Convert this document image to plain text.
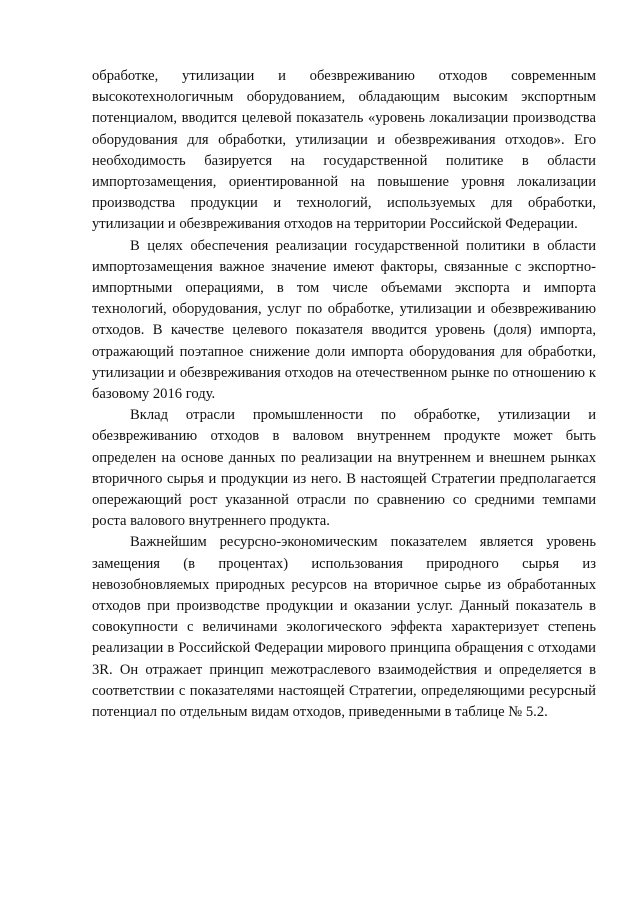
обработке, утилизации и обезвреживанию отходов современным высокотехнологичным оборудованием, обладающим высоким экспортным потенциалом, вводится целевой показатель «уровень локализации производства оборудования для обработки, утилизации и обезвреживания отходов». Его необходимость базируется на государственной политике в области импортозамещения, ориентированной на повышение уровня локализации производства продукции и технологий, используемых для обработки, утилизации и обезвреживания отходов на территории Российской Федерации.

В целях обеспечения реализации государственной политики в области импортозамещения важное значение имеют факторы, связанные с экспортно-импортными операциями, в том числе объемами экспорта и импорта технологий, оборудования, услуг по обработке, утилизации и обезвреживанию отходов. В качестве целевого показателя вводится уровень (доля) импорта, отражающий поэтапное снижение доли импорта оборудования для обработки, утилизации и обезвреживания отходов на отечественном рынке по отношению к базовому 2016 году.

Вклад отрасли промышленности по обработке, утилизации и обезвреживанию отходов в валовом внутреннем продукте может быть определен на основе данных по реализации на внутреннем и внешнем рынках вторичного сырья и продукции из него. В настоящей Стратегии предполагается опережающий рост указанной отрасли по сравнению со средними темпами роста валового внутреннего продукта.

Важнейшим ресурсно-экономическим показателем является уровень замещения (в процентах) использования природного сырья из невозобновляемых природных ресурсов на вторичное сырье из обработанных отходов при производстве продукции и оказании услуг. Данный показатель в совокупности с величинами экологического эффекта характеризует степень реализации в Российской Федерации мирового принципа обращения с отходами 3R. Он отражает принцип межотраслевого взаимодействия и определяется в соответствии с показателями настоящей Стратегии, определяющими ресурсный потенциал по отдельным видам отходов, приведенными в таблице № 5.2.
